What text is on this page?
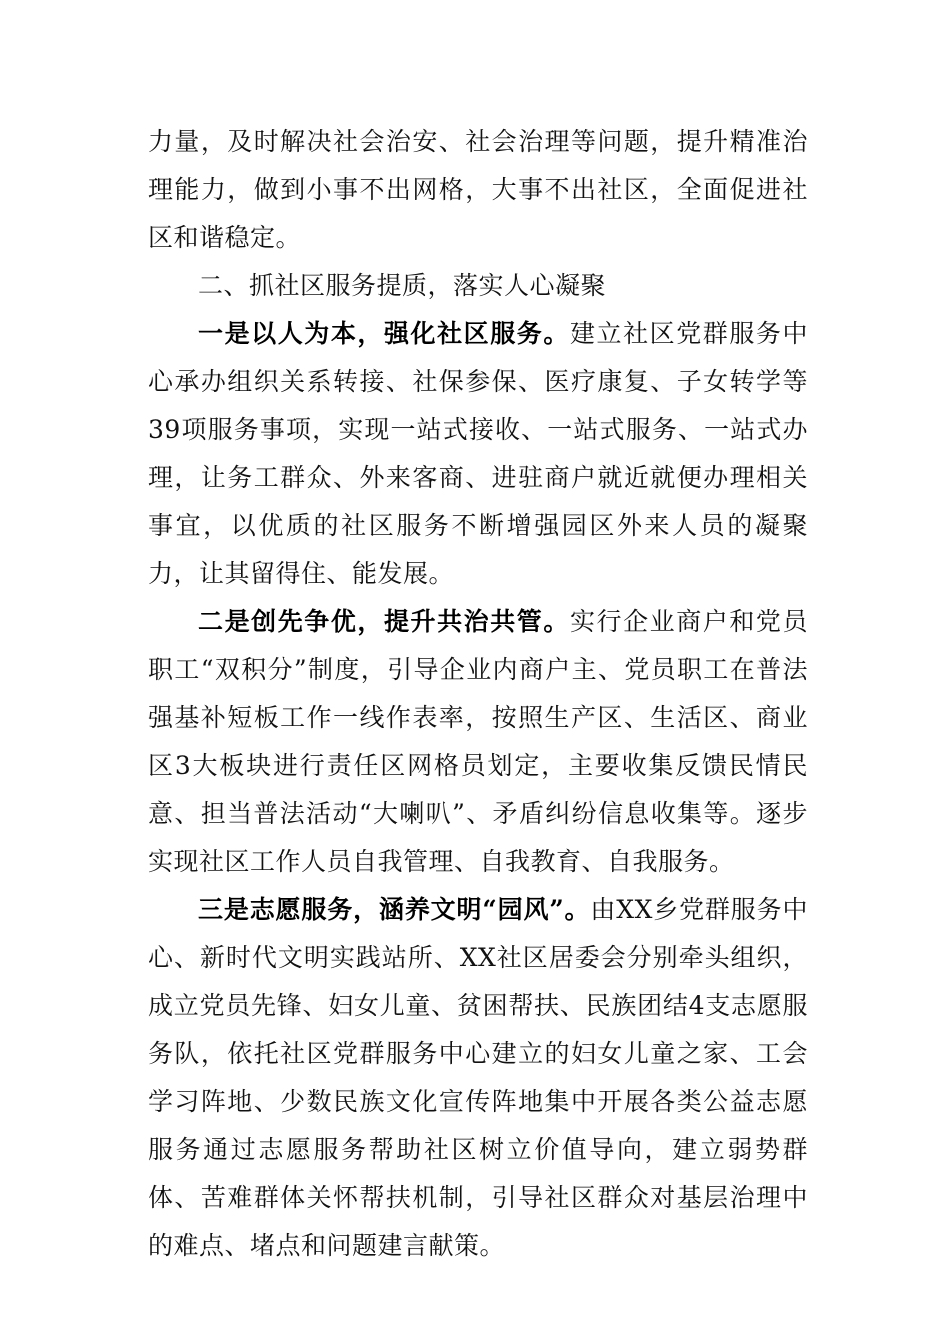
力量，及时解决社会治安、社会治理等问题，提升精准治理能力，做到小事不出网格，大事不出社区，全面促进社区和谐稳定。

二、抓社区服务提质，落实人心凝聚

一是以人为本，强化社区服务。建立社区党群服务中心承办组织关系转接、社保参保、医疗康复、子女转学等39项服务事项，实现一站式接收、一站式服务、一站式办理，让务工群众、外来客商、进驻商户就近就便办理相关事宜，以优质的社区服务不断增强园区外来人员的凝聚力，让其留得住、能发展。

二是创先争优，提升共治共管。实行企业商户和党员职工“双积分”制度，引导企业内商户主、党员职工在普法强基补短板工作一线作表率，按照生产区、生活区、商业区3大板块进行责任区网格员划定，主要收集反馈民情民意、担当普法活动“大喇叭”、矛盾纠纷信息收集等。逐步实现社区工作人员自我管理、自我教育、自我服务。

三是志愿服务，涵养文明“园风”。由XX乡党群服务中心、新时代文明实践站所、XX社区居委会分别牵头组织，成立党员先锋、妇女儿童、贫困帮扶、民族团结4支志愿服务队，依托社区党群服务中心建立的妇女儿童之家、工会学习阵地、少数民族文化宣传阵地集中开展各类公益志愿服务通过志愿服务帮助社区树立价值导向，建立弱势群体、苦难群体关怀帮扶机制，引导社区群众对基层治理中的难点、堵点和问题建言献策。
